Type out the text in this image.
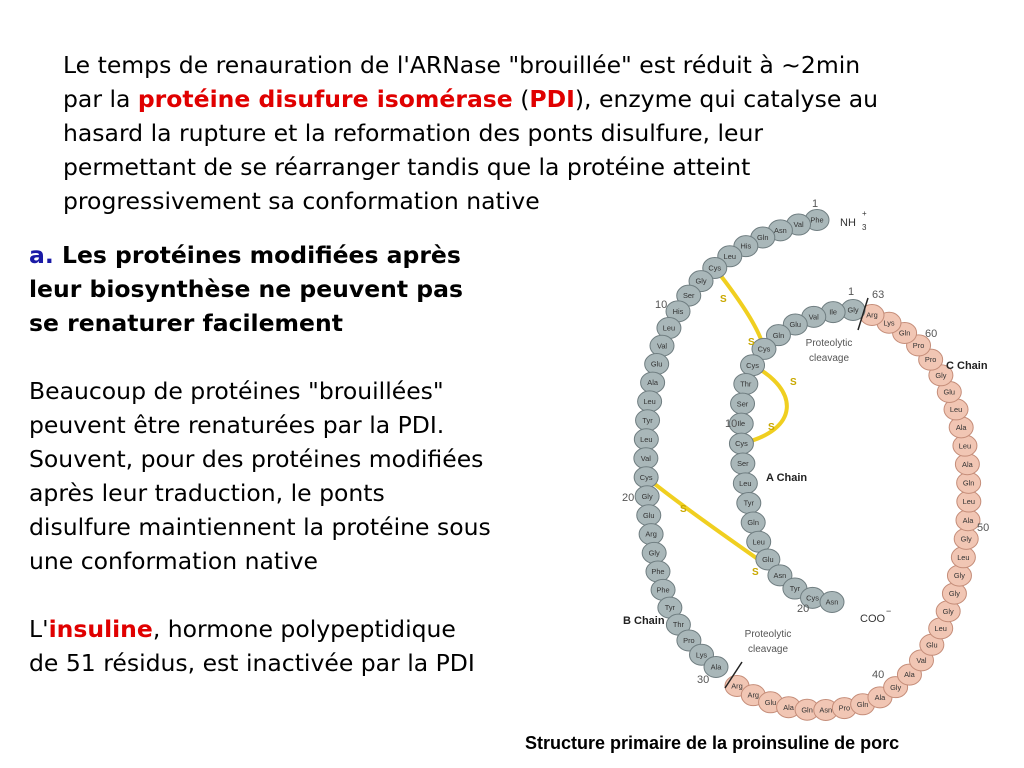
Le temps de renauration de l'ARNase "brouillée" est réduit à ~2min
par la protéine disufure isomérase (PDI), enzyme qui catalyse au
hasard la rupture et la reformation des ponts disulfure, leur
permettant de se réarranger tandis que la protéine atteint
progressivement sa conformation native
Phe
Val
Asn
Gln
His
Leu
Cys
Gly
Ser
His
Leu
Val
Glu
Ala
Leu
Tyr
Leu
Val
Cys
Gly
Glu
Arg
Gly
Phe
Phe
Tyr
Thr
Pro
Lys
Ala
Arg
Arg
Glu
Ala Gln Asn Pro Gln
Ala
Gly
Ala
Val
Glu
Leu
Gly
Gly
Gly
Leu
Gly
Ala
Leu
Gln
Ala
Leu
Ala
Leu
Glu
Gly
Pro
Pro
Gln
Lys
Arg
Gly
Ile
Val
Glu
Gln
Cys
Cys
Thr
Ser
Ile
Cys
Ser
Leu
Tyr
Gln
Leu
Glu
Asn
Tyr
Cys Asn
S
S
S
S
S
S
1
10
20
30	40
50
60
63
1
10
20
NH 3
+
COO
−
C Chain
A Chain
B Chain
Proteolytic
cleavage
Proteolytic
cleavage
a. Les protéines modifiées après leur biosynthèse ne peuvent pas se renaturer facilement
Beaucoup de protéines "brouillées" peuvent être renaturées par la PDI. Souvent, pour des protéines modifiées après leur traduction, le ponts disulfure maintiennent la protéine sous une conformation native
L'insuline, hormone polypeptidique de 51 résidus, est inactivée par la PDI
Structure primaire de la proinsuline de porc
